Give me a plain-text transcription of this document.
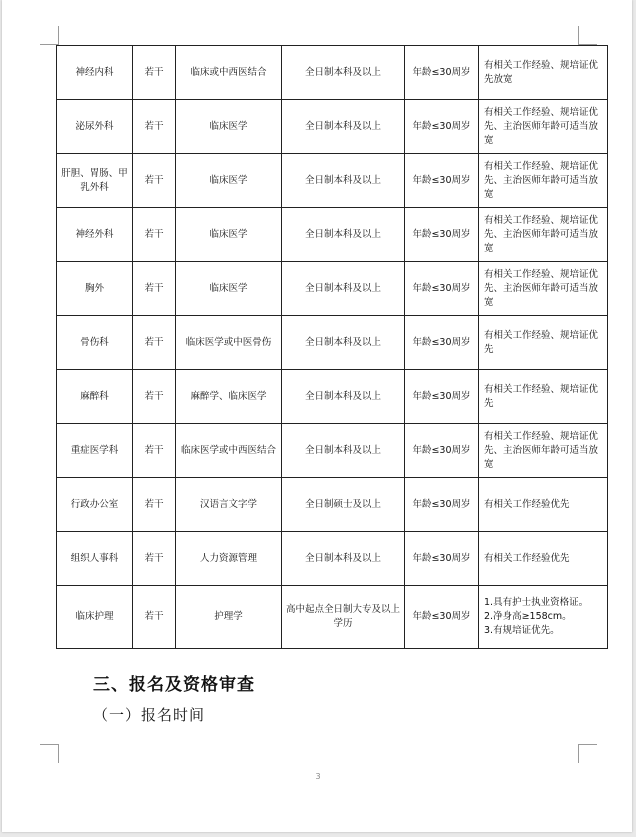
神经内科	若干	临床或中西医结合	全日制本科及以上	年龄≤30周岁	有相关工作经验、规培证优先放宽

泌尿外科	若干	临床医学	全日制本科及以上	年龄≤30周岁	有相关工作经验、规培证优先、主治医师年龄可适当放宽

肝胆、胃肠、甲乳外科	若干	临床医学	全日制本科及以上	年龄≤30周岁	有相关工作经验、规培证优先、主治医师年龄可适当放宽

神经外科	若干	临床医学	全日制本科及以上	年龄≤30周岁	有相关工作经验、规培证优先、主治医师年龄可适当放宽

胸外	若干	临床医学	全日制本科及以上	年龄≤30周岁	有相关工作经验、规培证优先、主治医师年龄可适当放宽

骨伤科	若干	临床医学或中医骨伤	全日制本科及以上	年龄≤30周岁	有相关工作经验、规培证优先

麻醉科	若干	麻醉学、临床医学	全日制本科及以上	年龄≤30周岁	有相关工作经验、规培证优先

重症医学科	若干	临床医学或中西医结合	全日制本科及以上	年龄≤30周岁	有相关工作经验、规培证优先、主治医师年龄可适当放宽

行政办公室	若干	汉语言文字学	全日制硕士及以上	年龄≤30周岁	有相关工作经验优先

组织人事科	若干	人力资源管理	全日制本科及以上	年龄≤30周岁	有相关工作经验优先

临床护理	若干	护理学	高中起点全日制大专及以上学历	年龄≤30周岁	1.具有护士执业资格证。
2.净身高≥158cm。
3.有规培证优先。
三、报名及资格审查
（一）报名时间
3
